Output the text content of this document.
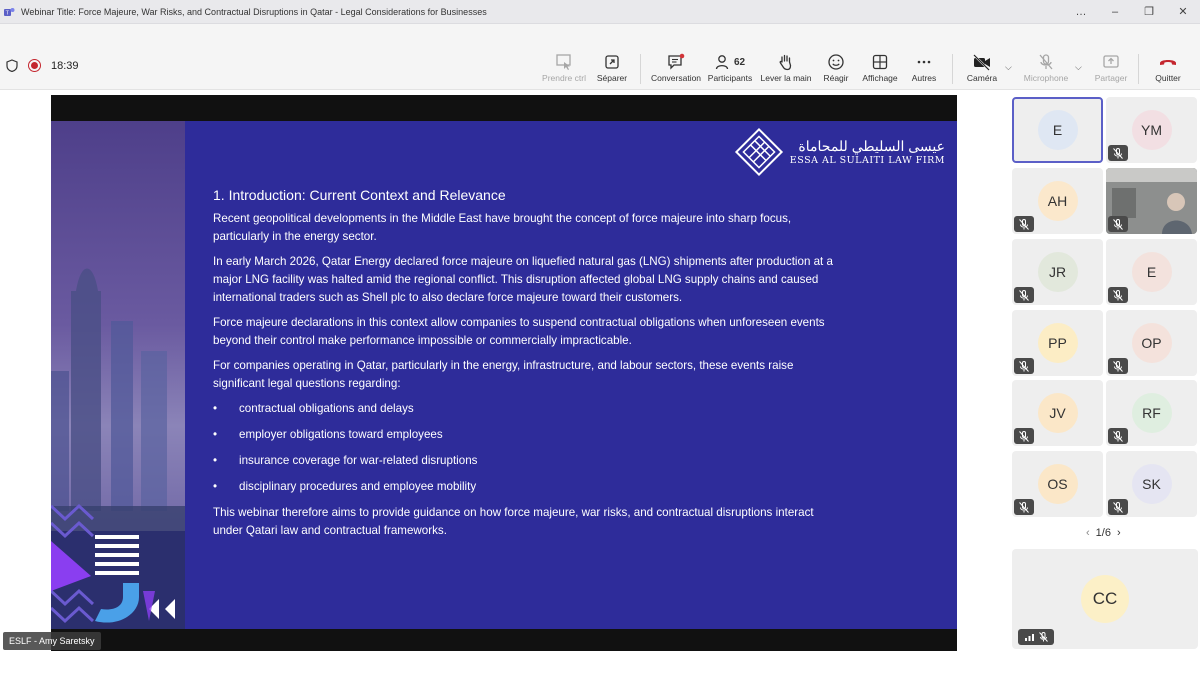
T Webinar Title: Force Majeure, War Risks, and Contractual Disruptions in Qatar - Legal Considerations for Businesses	…	–	❐	✕
18:39
Prendre ctrl	Séparer	Conversation
62
Participants Lever la main	Réagir	Affichage	Autres	Caméra
⌵
Microphone
⌵
Partager	Quitter
عيسى السليطي للمحاماة
ESSA AL SULAITI LAW FIRM
1. Introduction: Current Context and Relevance

Recent geopolitical developments in the Middle East have brought the concept of force majeure into sharp focus, particularly in the energy sector.

In early March 2026, Qatar Energy declared force majeure on liquefied natural gas (LNG) shipments after production at a major LNG facility was halted amid the regional conflict. This disruption affected global LNG supply chains and caused international traders such as Shell plc to also declare force majeure toward their customers.

Force majeure declarations in this context allow companies to suspend contractual obligations when unforeseen events beyond their control make performance impossible or commercially impracticable.

For companies operating in Qatar, particularly in the energy, infrastructure, and labour sectors, these events raise significant legal questions regarding:

• contractual obligations and delays
• employer obligations toward employees
• insurance coverage for war-related disruptions
• disciplinary procedures and employee mobility

This webinar therefore aims to provide guidance on how force majeure, war risks, and contractual disruptions interact under Qatari law and contractual frameworks.

ESLF - Amy Saretsky
E	YM
AH
JR	E
PP	OP
JV	RF
OS	SK
‹ 1/6 ›
CC
